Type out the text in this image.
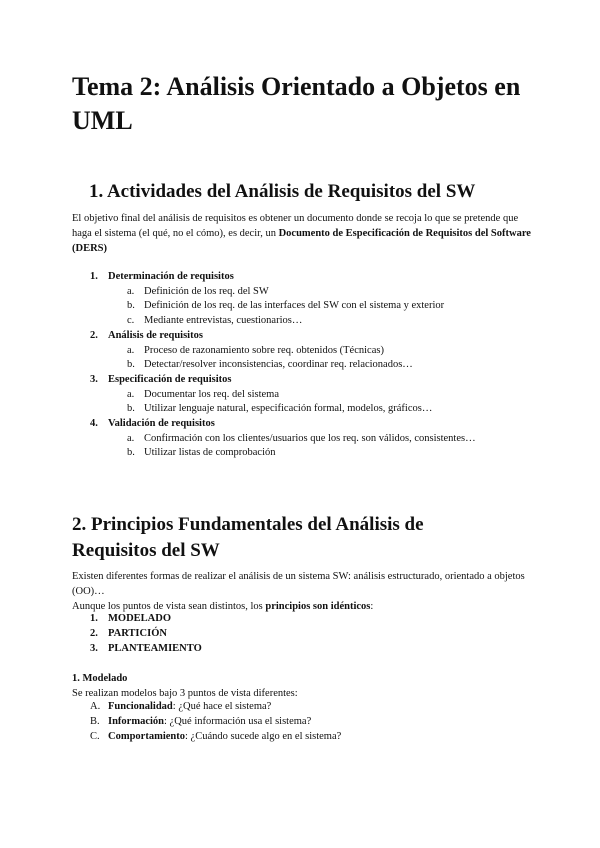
Tema 2: Análisis Orientado a Objetos en UML
1. Actividades del Análisis de Requisitos del SW

El objetivo final del análisis de requisitos es obtener un documento donde se recoja lo que se pretende que haga el sistema (el qué, no el cómo), es decir, un Documento de Especificación de Requisitos del Software (DERS)

1. Determinación de requisitos
a. Definición de los req. del SW
b. Definición de los req. de las interfaces del SW con el sistema y exterior
c. Mediante entrevistas, cuestionarios…
2. Análisis de requisitos
a. Proceso de razonamiento sobre req. obtenidos (Técnicas)
b. Detectar/resolver inconsistencias, coordinar req. relacionados…
3. Especificación de requisitos
a. Documentar los req. del sistema
b. Utilizar lenguaje natural, especificación formal, modelos, gráficos…
4. Validación de requisitos
a. Confirmación con los clientes/usuarios que los req. son válidos, consistentes…
b. Utilizar listas de comprobación
2. Principios Fundamentales del Análisis de Requisitos del SW

Existen diferentes formas de realizar el análisis de un sistema SW: análisis estructurado, orientado a objetos (OO)…

Aunque los puntos de vista sean distintos, los principios son idénticos:

1. MODELADO
2. PARTICIÓN
3. PLANTEAMIENTO

1. Modelado

Se realizan modelos bajo 3 puntos de vista diferentes:

A. Funcionalidad: ¿Qué hace el sistema?
B. Información: ¿Qué información usa el sistema?
C. Comportamiento: ¿Cuándo sucede algo en el sistema?
